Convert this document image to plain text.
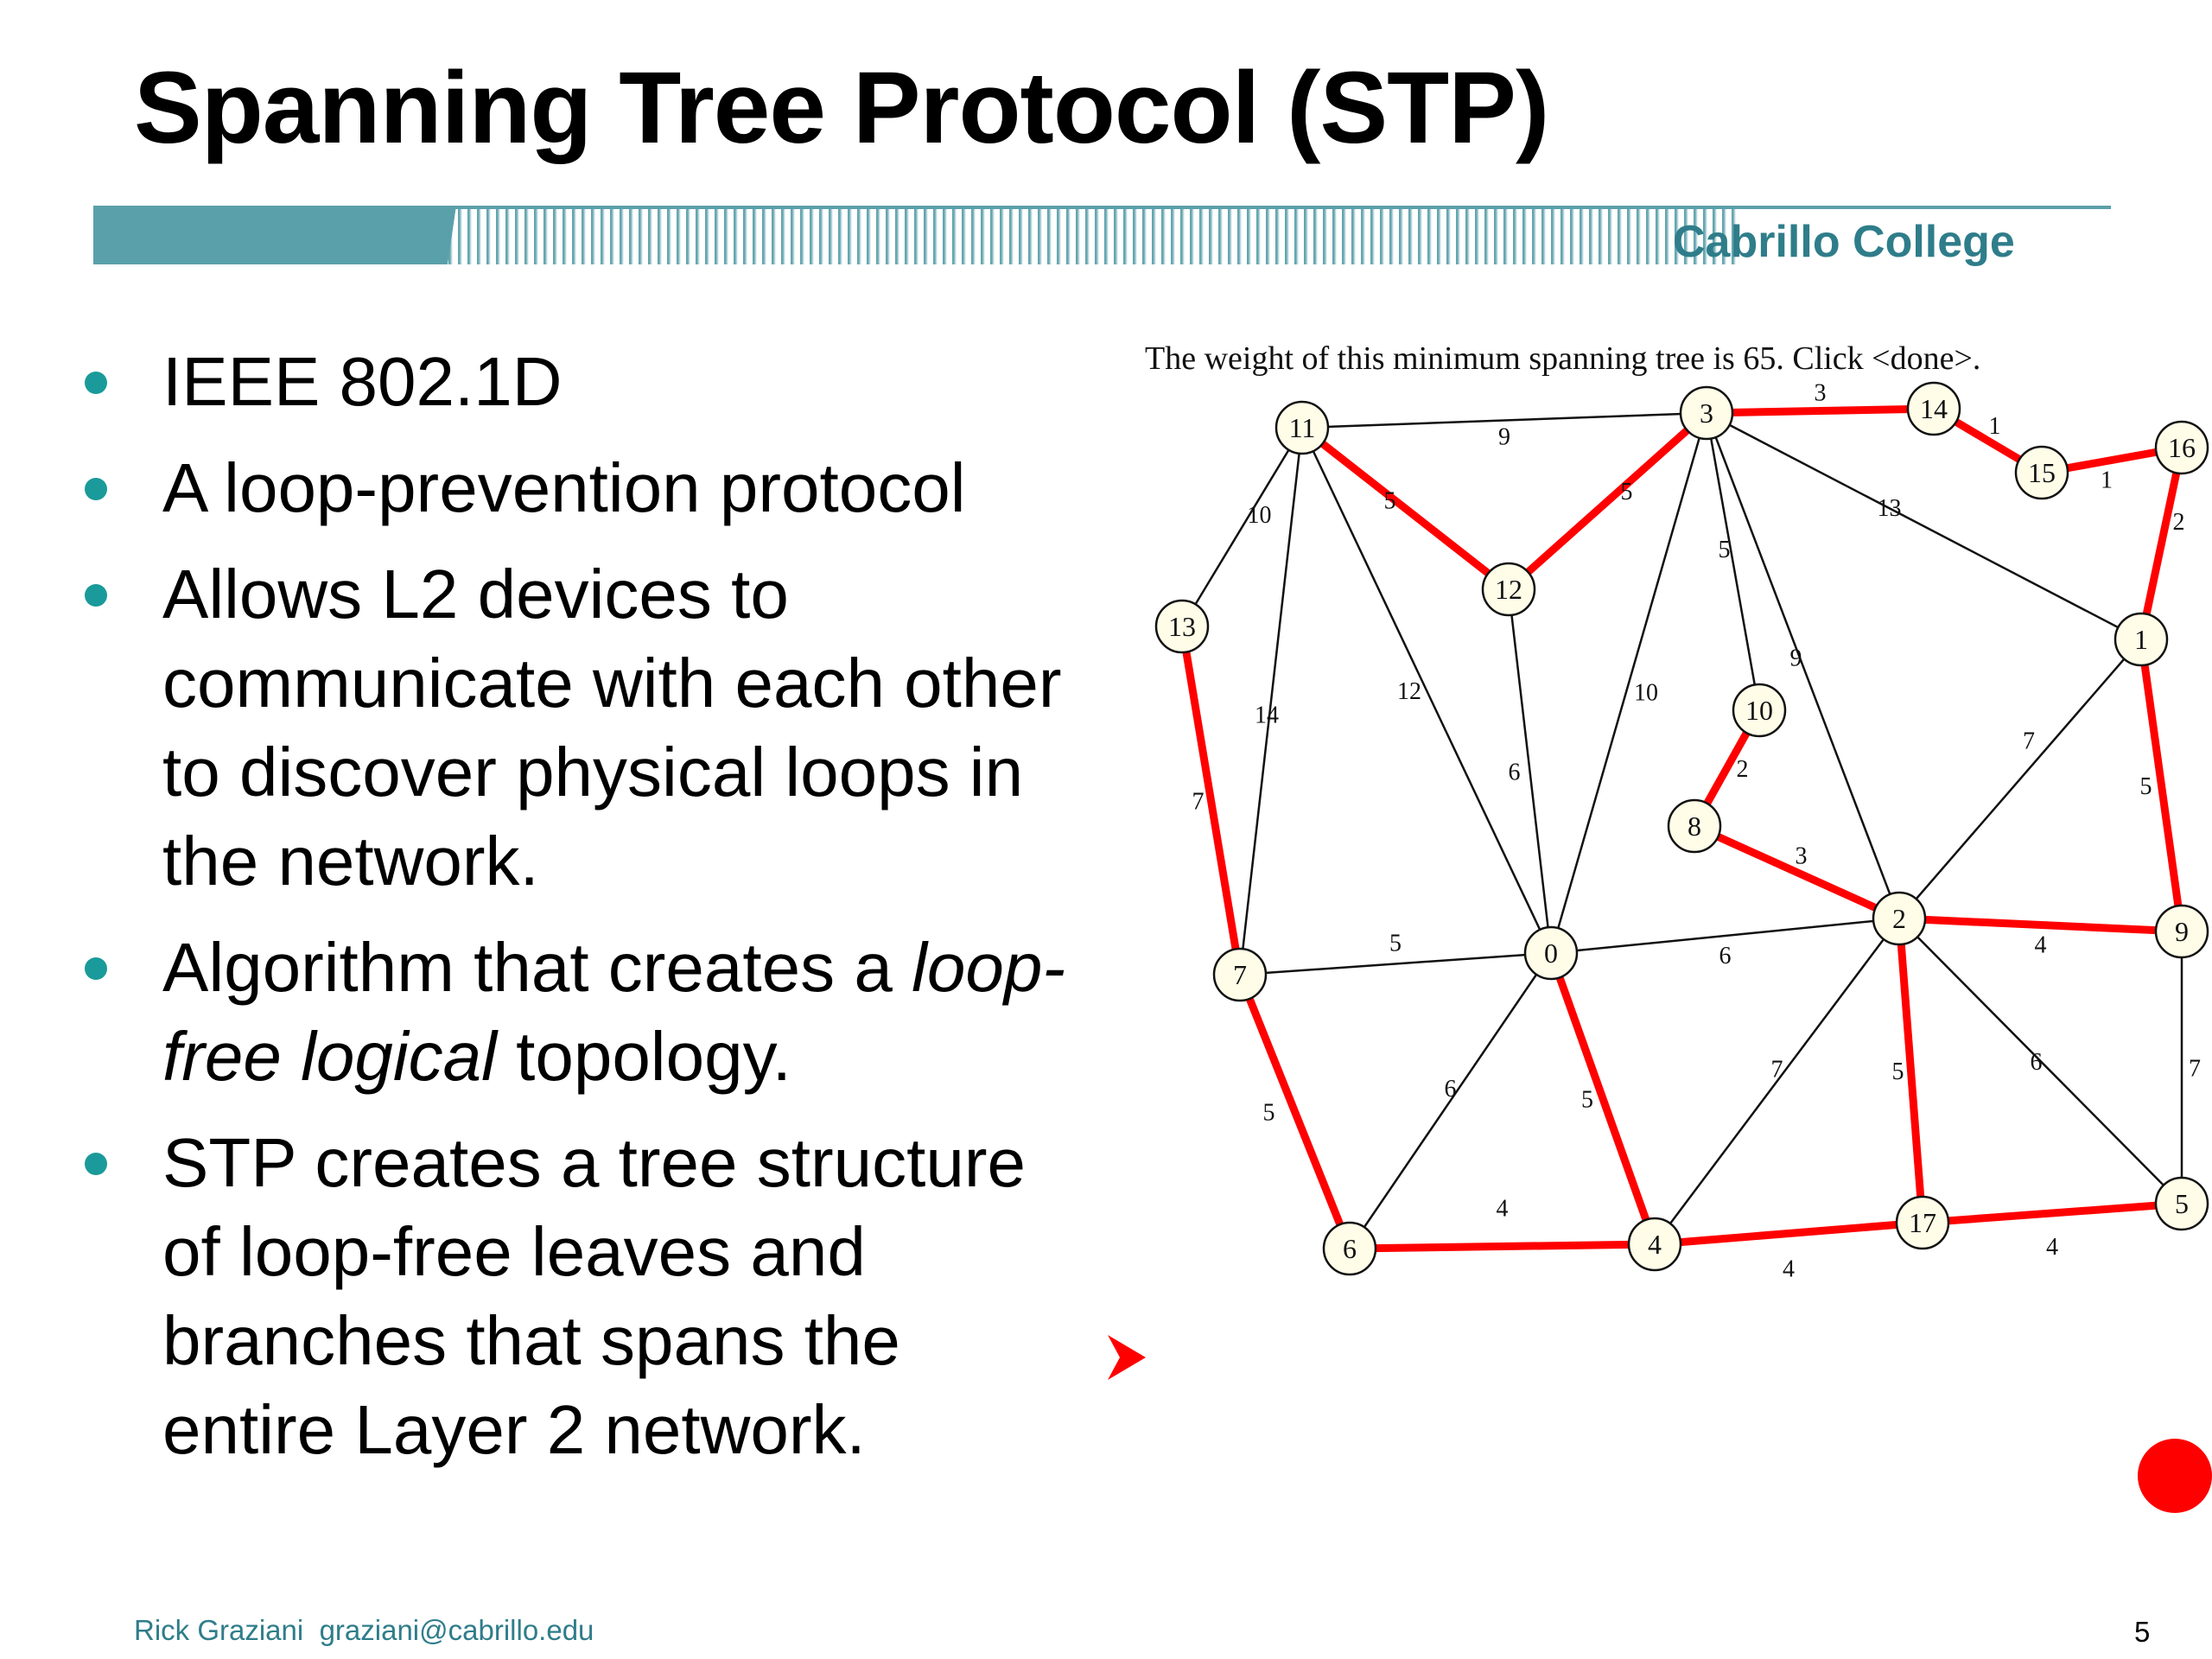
Spanning Tree Protocol (STP)
Cabrillo College
IEEE 802.1D
A loop-prevention protocol
Allows L2 devices to communicate with each other to discover physical loops in the network.
Algorithm that creates a loop-free logical topology.
STP creates a tree structure of loop-free leaves and branches that spans the entire Layer 2 network.
The weight of this minimum spanning tree is 65. Click <done>.
9
5	5
3
1
1
13
2
10
14
12
6
10
5
9
7
2
3
7
5
5	6	4
7
5
6	5
7	5	6
4
4
4
11	3	14
15
16
12
13	1
10
8
2	9
7
0
5
17
4
6
Rick Graziani graziani@cabrillo.edu	5
